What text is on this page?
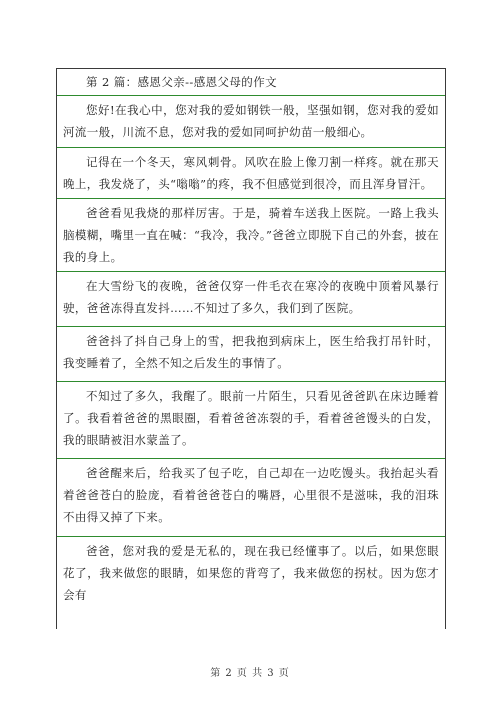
第 2 篇：感恩父亲--感恩父母的作文
您好!在我心中，您对我的爱如钢铁一般，坚强如钢，您对我的爱如河流一般，川流不息，您对我的爱如同呵护幼苗一般细心。
记得在一个冬天，寒风刺骨。风吹在脸上像刀割一样疼。就在那天晚上，我发烧了，头“嗡嗡”的疼，我不但感觉到很冷，而且浑身冒汗。
爸爸看见我烧的那样厉害。于是，骑着车送我上医院。一路上我头脑模糊，嘴里一直在喊：“我冷，我冷。”爸爸立即脱下自己的外套，披在我的身上。
在大雪纷飞的夜晚，爸爸仅穿一件毛衣在寒冷的夜晚中顶着风暴行驶，爸爸冻得直发抖……不知过了多久，我们到了医院。
爸爸抖了抖自己身上的雪，把我抱到病床上，医生给我打吊针时，我变睡着了，全然不知之后发生的事情了。
不知过了多久，我醒了。眼前一片陌生，只看见爸爸趴在床边睡着了。我看着爸爸的黑眼圈，看着爸爸冻裂的手，看着爸爸馒头的白发，我的眼睛被泪水蒙盖了。
爸爸醒来后，给我买了包子吃，自己却在一边吃馒头。我抬起头看着爸爸苍白的脸庞，看着爸爸苍白的嘴唇，心里很不是滋味，我的泪珠不由得又掉了下来。
爸爸，您对我的爱是无私的，现在我已经懂事了。以后，如果您眼花了，我来做您的眼睛，如果您的背弯了，我来做您的拐杖。因为您才会有
第 2 页 共 3 页
